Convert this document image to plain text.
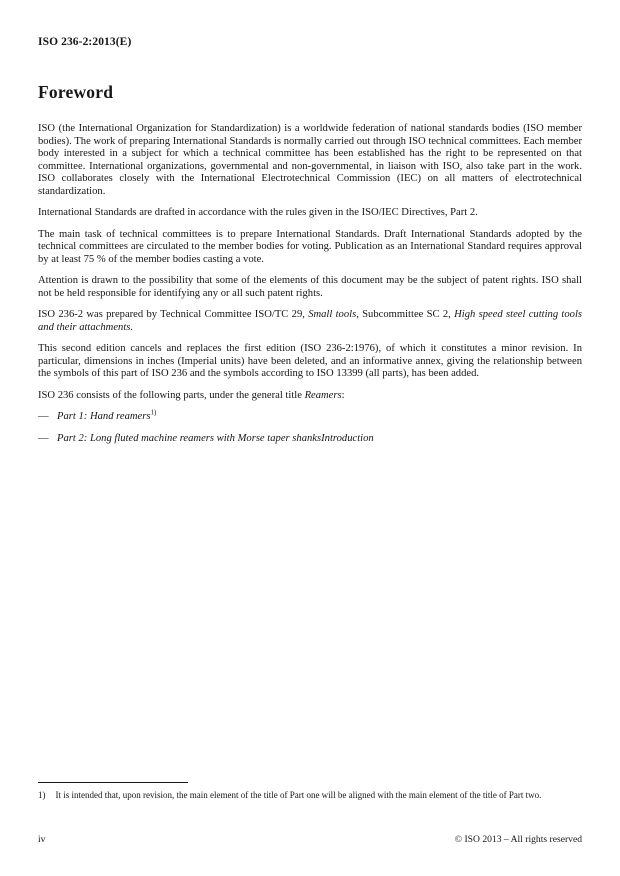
ISO 236-2:2013(E)
Foreword

ISO (the International Organization for Standardization) is a worldwide federation of national standards bodies (ISO member bodies). The work of preparing International Standards is normally carried out through ISO technical committees. Each member body interested in a subject for which a technical committee has been established has the right to be represented on that committee. International organizations, governmental and non-governmental, in liaison with ISO, also take part in the work. ISO collaborates closely with the International Electrotechnical Commission (IEC) on all matters of electrotechnical standardization.

International Standards are drafted in accordance with the rules given in the ISO/IEC Directives, Part 2.

The main task of technical committees is to prepare International Standards. Draft International Standards adopted by the technical committees are circulated to the member bodies for voting. Publication as an International Standard requires approval by at least 75 % of the member bodies casting a vote.

Attention is drawn to the possibility that some of the elements of this document may be the subject of patent rights. ISO shall not be held responsible for identifying any or all such patent rights.

ISO 236-2 was prepared by Technical Committee ISO/TC 29, Small tools, Subcommittee SC 2, High speed steel cutting tools and their attachments.

This second edition cancels and replaces the first edition (ISO 236-2:1976), of which it constitutes a minor revision. In particular, dimensions in inches (Imperial units) have been deleted, and an informative annex, giving the relationship between the symbols of this part of ISO 236 and the symbols according to ISO 13399 (all parts), has been added.

ISO 236 consists of the following parts, under the general title Reamers:

— Part 1: Hand reamers$^{1)}$

— Part 2: Long fluted machine reamers with Morse taper shanksIntroduction

1) It is intended that, upon revision, the main element of the title of Part one will be aligned with the main element of the title of Part two.

iv	© ISO 2013 – All rights reserved
